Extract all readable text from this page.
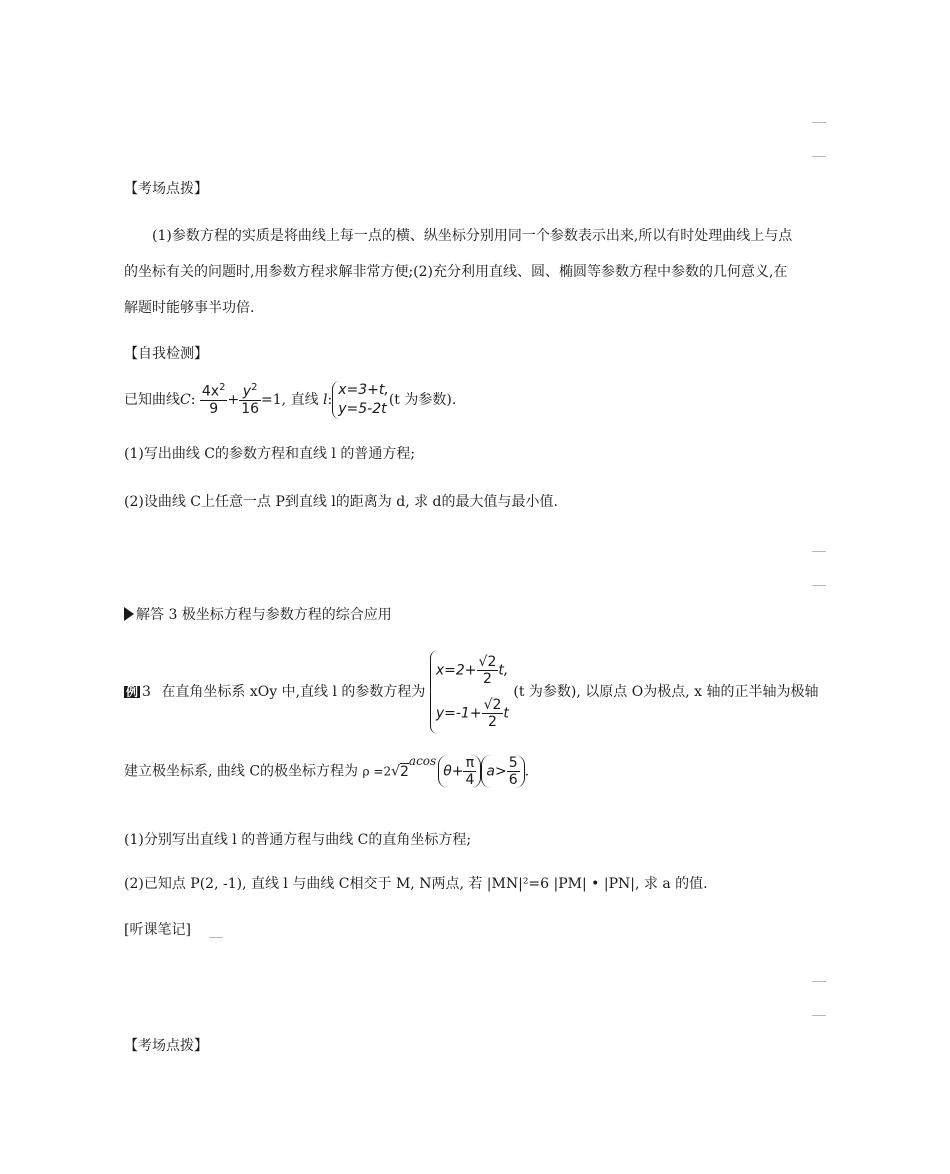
【考场点拨】
(1)参数方程的实质是将曲线上每一点的横、纵坐标分别用同一个参数表示出来,所以有时处理曲线上与点
的坐标有关的问题时,用参数方程求解非常方便;(2)充分利用直线、圆、椭圆等参数方程中参数的几何意义,在
解题时能够事半功倍.
【自我检测】
已知曲线C: $\frac{4x^2}{9} + \frac{y^2}{16} =1$, 直线 l:
x=3+t,
y=5-2t
(t 为参数).
(1)写出曲线 C的参数方程和直线 l 的普通方程;
(2)设曲线 C上任意一点 P到直线 l的距离为 d, 求 d的最大值与最小值.
解答 3 极坐标方程与参数方程的综合应用
例 3 在直角坐标系 xOy 中,直线 l 的参数方程为
$x=2+ \frac{√2}{2} t$,
$y=-1+ \frac{√2}{2}$ t
(t 为参数), 以原点 O为极点, x 轴的正半轴为极轴
建立极坐标系, 曲线 C的极坐标方程为 $\rho =2√2acos\theta+ \frac{\pi}{4} a> \frac{5}{6}$ .
(1)分别写出直线 l 的普通方程与曲线 C的直角坐标方程;
(2)已知点 P(2, -1), 直线 l 与曲线 C相交于 M, N两点, 若 |MN|²=6 |PM| • |PN|, 求 a 的值.
[听课笔记]
【考场点拨】
